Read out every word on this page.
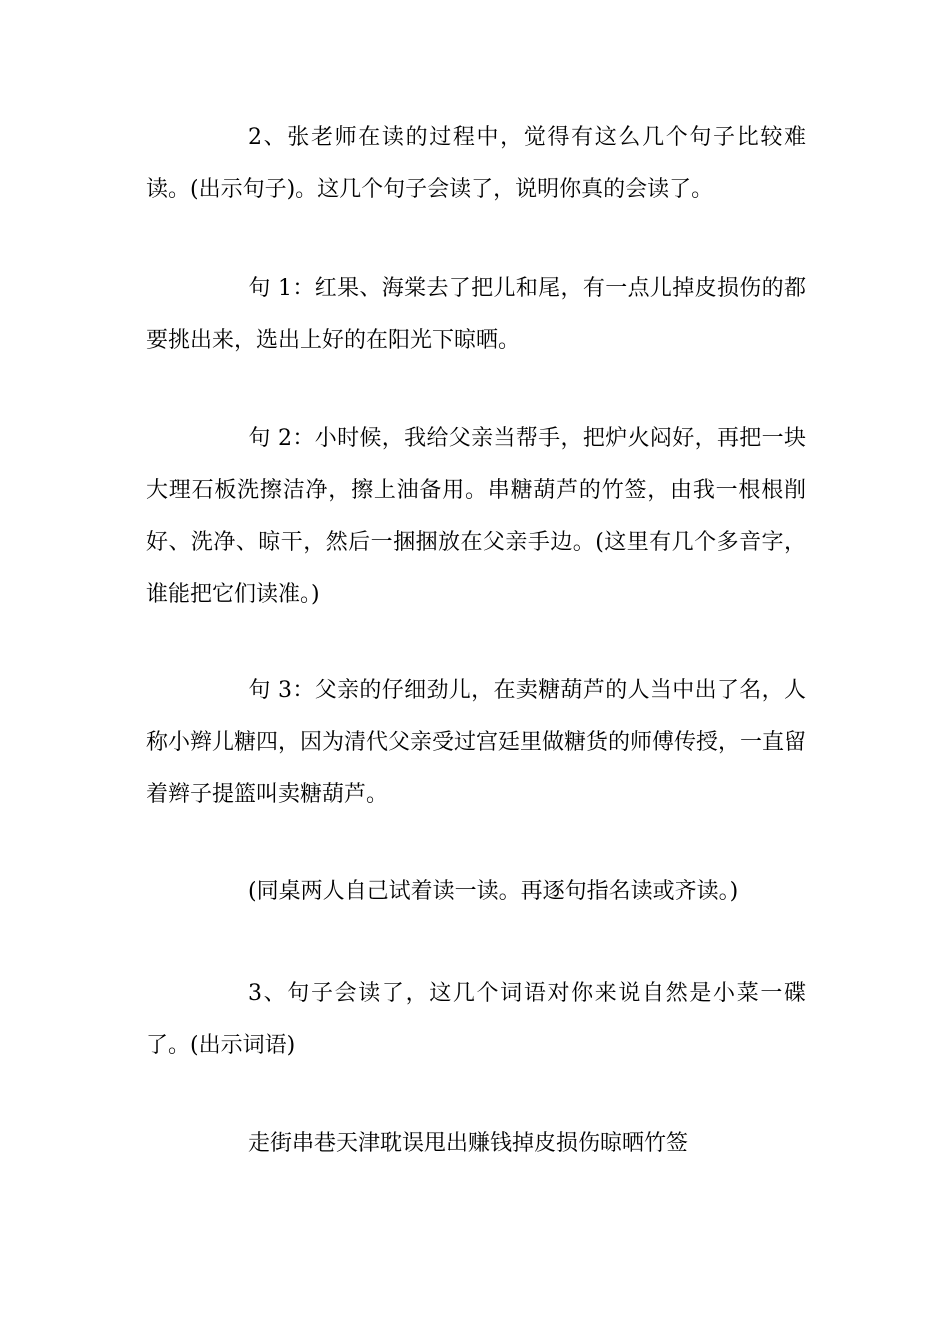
2、张老师在读的过程中，觉得有这么几个句子比较难读。(出示句子)。这几个句子会读了，说明你真的会读了。

句 1：红果、海棠去了把儿和尾，有一点儿掉皮损伤的都要挑出来，选出上好的在阳光下晾晒。

句 2：小时候，我给父亲当帮手，把炉火闷好，再把一块大理石板洗擦洁净，擦上油备用。串糖葫芦的竹签，由我一根根削好、洗净、晾干，然后一捆捆放在父亲手边。(这里有几个多音字，谁能把它们读准。)

句 3：父亲的仔细劲儿，在卖糖葫芦的人当中出了名，人称小辫儿糖四，因为清代父亲受过宫廷里做糖货的师傅传授，一直留着辫子提篮叫卖糖葫芦。

(同桌两人自己试着读一读。再逐句指名读或齐读。)

3、句子会读了，这几个词语对你来说自然是小菜一碟了。(出示词语)

走街串巷天津耽误甩出赚钱掉皮损伤晾晒竹签
